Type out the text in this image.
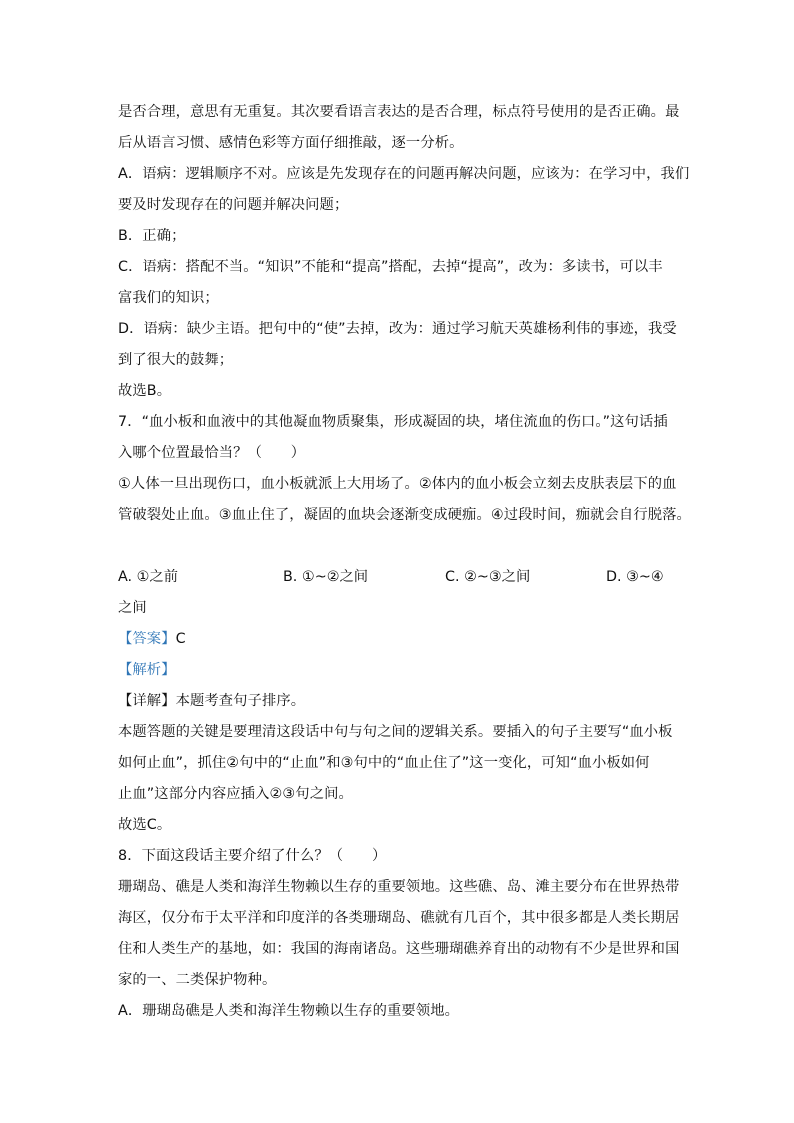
是否合理，意思有无重复。其次要看语言表达的是否合理，标点符号使用的是否正确。最
后从语言习惯、感情色彩等方面仔细推敲，逐一分析。
A．语病：逻辑顺序不对。应该是先发现存在的问题再解决问题，应该为：在学习中，我们
要及时发现存在的问题并解决问题；
B．正确；
C．语病：搭配不当。“知识”不能和“提高”搭配，去掉“提高”，改为：多读书，可以丰
富我们的知识；
D．语病：缺少主语。把句中的“使”去掉，改为：通过学习航天英雄杨利伟的事迹，我受
到了很大的鼓舞；
故选B。
7．“血小板和血液中的其他凝血物质聚集，形成凝固的块，堵住流血的伤口。”这句话插
入哪个位置最恰当？（　　）
①人体一旦出现伤口，血小板就派上大用场了。②体内的血小板会立刻去皮肤表层下的血
管破裂处止血。③血止住了，凝固的血块会逐渐变成硬痂。④过段时间，痂就会自行脱落。
A. ①之前	B. ①~②之间	C. ②~③之间	D. ③~④
之间
【答案】C
【解析】
【详解】本题考查句子排序。
本题答题的关键是要理清这段话中句与句之间的逻辑关系。要插入的句子主要写“血小板
如何止血”，抓住②句中的“止血”和③句中的“血止住了”这一变化，可知“血小板如何
止血”这部分内容应插入②③句之间。
故选C。
8．下面这段话主要介绍了什么？（　　）
珊瑚岛、礁是人类和海洋生物赖以生存的重要领地。这些礁、岛、滩主要分布在世界热带
海区，仅分布于太平洋和印度洋的各类珊瑚岛、礁就有几百个，其中很多都是人类长期居
住和人类生产的基地，如：我国的海南诸岛。这些珊瑚礁养育出的动物有不少是世界和国
家的一、二类保护物种。
A．珊瑚岛礁是人类和海洋生物赖以生存的重要领地。
